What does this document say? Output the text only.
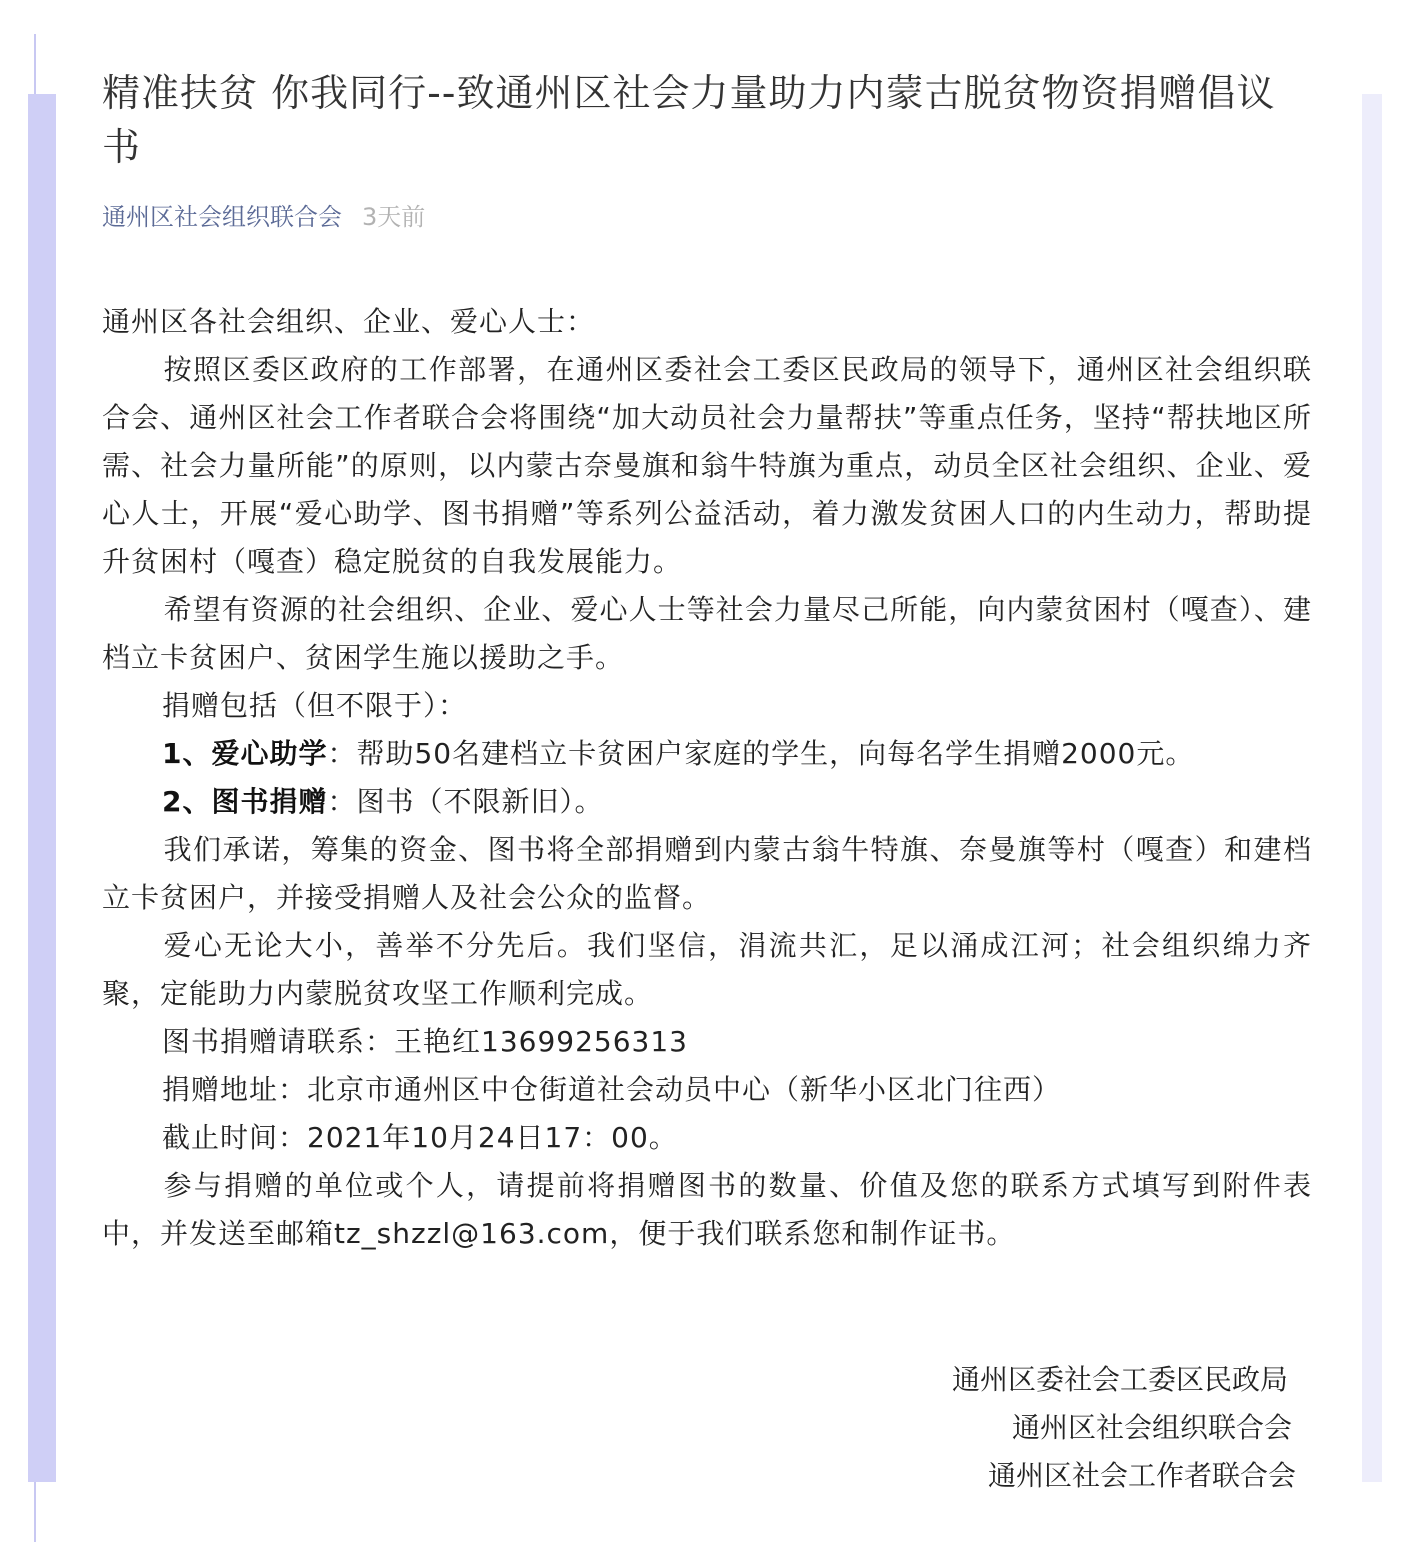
精准扶贫 你我同行--致通州区社会力量助力内蒙古脱贫物资捐赠倡议书
通州区社会组织联合会 3天前

通州区各社会组织、企业、爱心人士：

按照区委区政府的工作部署，在通州区委社会工委区民政局的领导下，通州区社会组织联合会、通州区社会工作者联合会将围绕“加大动员社会力量帮扶”等重点任务，坚持“帮扶地区所需、社会力量所能”的原则，以内蒙古奈曼旗和翁牛特旗为重点，动员全区社会组织、企业、爱心人士，开展“爱心助学、图书捐赠”等系列公益活动，着力激发贫困人口的内生动力，帮助提升贫困村（嘎查）稳定脱贫的自我发展能力。

希望有资源的社会组织、企业、爱心人士等社会力量尽己所能，向内蒙贫困村（嘎查）、建档立卡贫困户、贫困学生施以援助之手。

捐赠包括（但不限于）：

1、爱心助学：帮助50名建档立卡贫困户家庭的学生，向每名学生捐赠2000元。

2、图书捐赠：图书（不限新旧）。

我们承诺，筹集的资金、图书将全部捐赠到内蒙古翁牛特旗、奈曼旗等村（嘎查）和建档立卡贫困户，并接受捐赠人及社会公众的监督。

爱心无论大小，善举不分先后。我们坚信，涓流共汇，足以涌成江河；社会组织绵力齐聚，定能助力内蒙脱贫攻坚工作顺利完成。

图书捐赠请联系：王艳红13699256313

捐赠地址：北京市通州区中仓街道社会动员中心（新华小区北门往西）

截止时间：2021年10月24日17：00。

参与捐赠的单位或个人，请提前将捐赠图书的数量、价值及您的联系方式填写到附件表中，并发送至邮箱tz_shzzl@163.com，便于我们联系您和制作证书。

通州区委社会工委区民政局
通州区社会组织联合会
通州区社会工作者联合会
